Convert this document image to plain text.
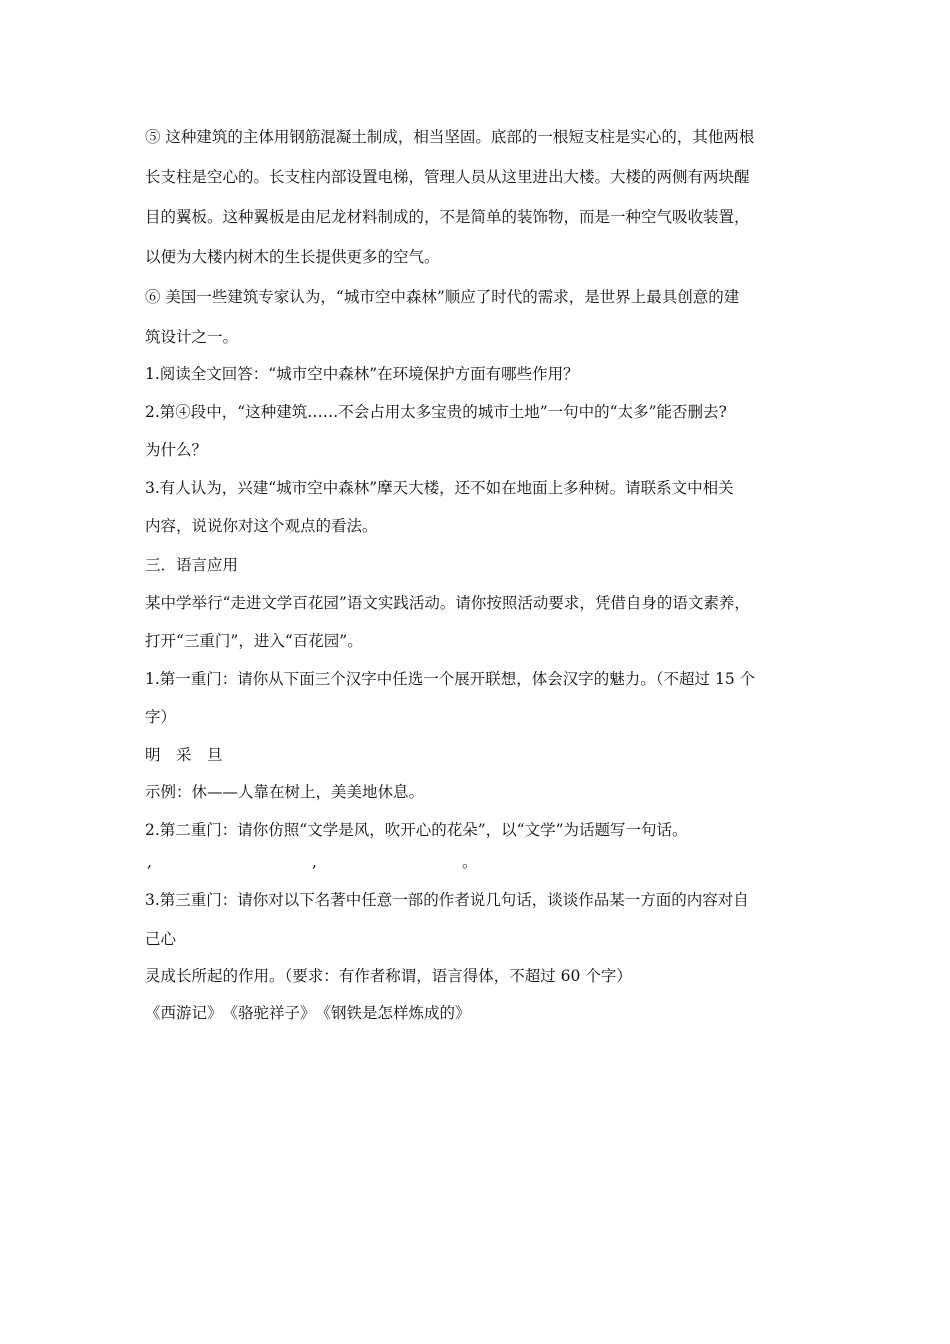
⑤ 这种建筑的主体用钢筋混凝土制成，相当坚固。底部的一根短支柱是实心的，其他两根
长支柱是空心的。长支柱内部设置电梯，管理人员从这里进出大楼。大楼的两侧有两块醒
目的翼板。这种翼板是由尼龙材料制成的，不是简单的装饰物，而是一种空气吸收装置，
以便为大楼内树木的生长提供更多的空气。
⑥ 美国一些建筑专家认为，“城市空中森林”顺应了时代的需求，是世界上最具创意的建
筑设计之一。
1.阅读全文回答：“城市空中森林”在环境保护方面有哪些作用？
2.第④段中，“这种建筑……不会占用太多宝贵的城市土地”一句中的“太多”能否删去?
为什么？
3.有人认为，兴建“城市空中森林”摩天大楼，还不如在地面上多种树。请联系文中相关
内容，说说你对这个观点的看法。
三．语言应用
某中学举行“走进文学百花园”语文实践活动。请你按照活动要求，凭借自身的语文素养，
打开“三重门”，进入“百花园”。
1.第一重门：请你从下面三个汉字中任选一个展开联想，体会汉字的魅力。（不超过 15 个
字）
明　采　旦
示例：休——人靠在树上，美美地休息。
2.第二重门：请你仿照“文学是风，吹开心的花朵”，以“文学”为话题写一句话。
,	,	。
3.第三重门：请你对以下名著中任意一部的作者说几句话，谈谈作品某一方面的内容对自
己心
灵成长所起的作用。（要求：有作者称谓，语言得体，不超过 60 个字）
《西游记》　《骆驼祥子》　《钢铁是怎样炼成的》
